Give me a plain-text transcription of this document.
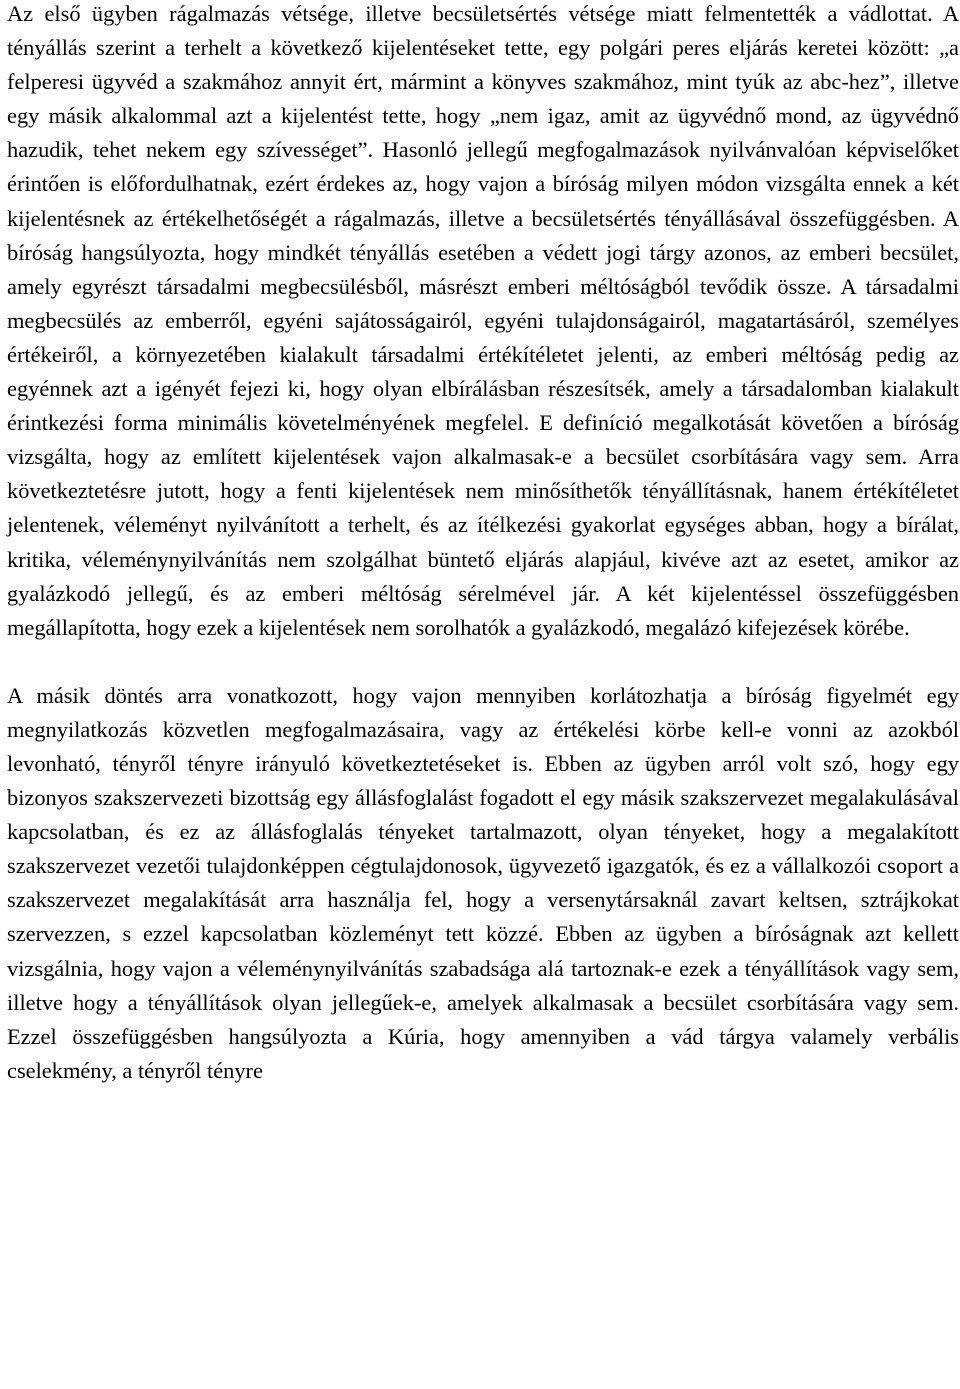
Az első ügyben rágalmazás vétsége, illetve becsületsértés vétsége miatt felmentették a vádlottat. A tényállás szerint a terhelt a következő kijelentéseket tette, egy polgári peres eljárás keretei között: „a felperesi ügyvéd a szakmához annyit ért, mármint a könyves szakmához, mint tyúk az abc-hez”, illetve egy másik alkalommal azt a kijelentést tette, hogy „nem igaz, amit az ügyvédnő mond, az ügyvédnő hazudik, tehet nekem egy szívességet”. Hasonló jellegű megfogalmazások nyilvánvalóan képviselőket érintően is előfordulhatnak, ezért érdekes az, hogy vajon a bíróság milyen módon vizsgálta ennek a két kijelentésnek az értékelhetőségét a rágalmazás, illetve a becsületsértés tényállásával összefüggésben. A bíróság hangsúlyozta, hogy mindkét tényállás esetében a védett jogi tárgy azonos, az emberi becsület, amely egyrészt társadalmi megbecsülésből, másrészt emberi méltóságból tevődik össze. A társadalmi megbecsülés az emberről, egyéni sajátosságairól, egyéni tulajdonságairól, magatartásáról, személyes értékeiről, a környezetében kialakult társadalmi értékítéletet jelenti, az emberi méltóság pedig az egyénnek azt a igényét fejezi ki, hogy olyan elbírálásban részesítsék, amely a társadalomban kialakult érintkezési forma minimális követelményének megfelel. E definíció megalkotását követően a bíróság vizsgálta, hogy az említett kijelentések vajon alkalmasak-e a becsület csorbítására vagy sem. Arra következtetésre jutott, hogy a fenti kijelentések nem minősíthetők tényállításnak, hanem értékítéletet jelentenek, véleményt nyilvánított a terhelt, és az ítélkezési gyakorlat egységes abban, hogy a bírálat, kritika, véleménynyilvánítás nem szolgálhat büntető eljárás alapjául, kivéve azt az esetet, amikor az gyalázkodó jellegű, és az emberi méltóság sérelmével jár. A két kijelentéssel összefüggésben megállapította, hogy ezek a kijelentések nem sorolhatók a gyalázkodó, megalázó kifejezések körébe.

A másik döntés arra vonatkozott, hogy vajon mennyiben korlátozhatja a bíróság figyelmét egy megnyilatkozás közvetlen megfogalmazásaira, vagy az értékelési körbe kell-e vonni az azokból levonható, tényről tényre irányuló következtetéseket is. Ebben az ügyben arról volt szó, hogy egy bizonyos szakszervezeti bizottság egy állásfoglalást fogadott el egy másik szakszervezet megalakulásával kapcsolatban, és ez az állásfoglalás tényeket tartalmazott, olyan tényeket, hogy a megalakított szakszervezet vezetői tulajdonképpen cégtulajdonosok, ügyvezető igazgatók, és ez a vállalkozói csoport a szakszervezet megalakítását arra használja fel, hogy a versenytársaknál zavart keltsen, sztrájkokat szervezzen, s ezzel kapcsolatban közleményt tett közzé. Ebben az ügyben a bíróságnak azt kellett vizsgálnia, hogy vajon a véleménynyilvánítás szabadsága alá tartoznak-e ezek a tényállítások vagy sem, illetve hogy a tényállítások olyan jellegűek-e, amelyek alkalmasak a becsület csorbítására vagy sem. Ezzel összefüggésben hangsúlyozta a Kúria, hogy amennyiben a vád tárgya valamely verbális cselekmény, a tényről tényre
